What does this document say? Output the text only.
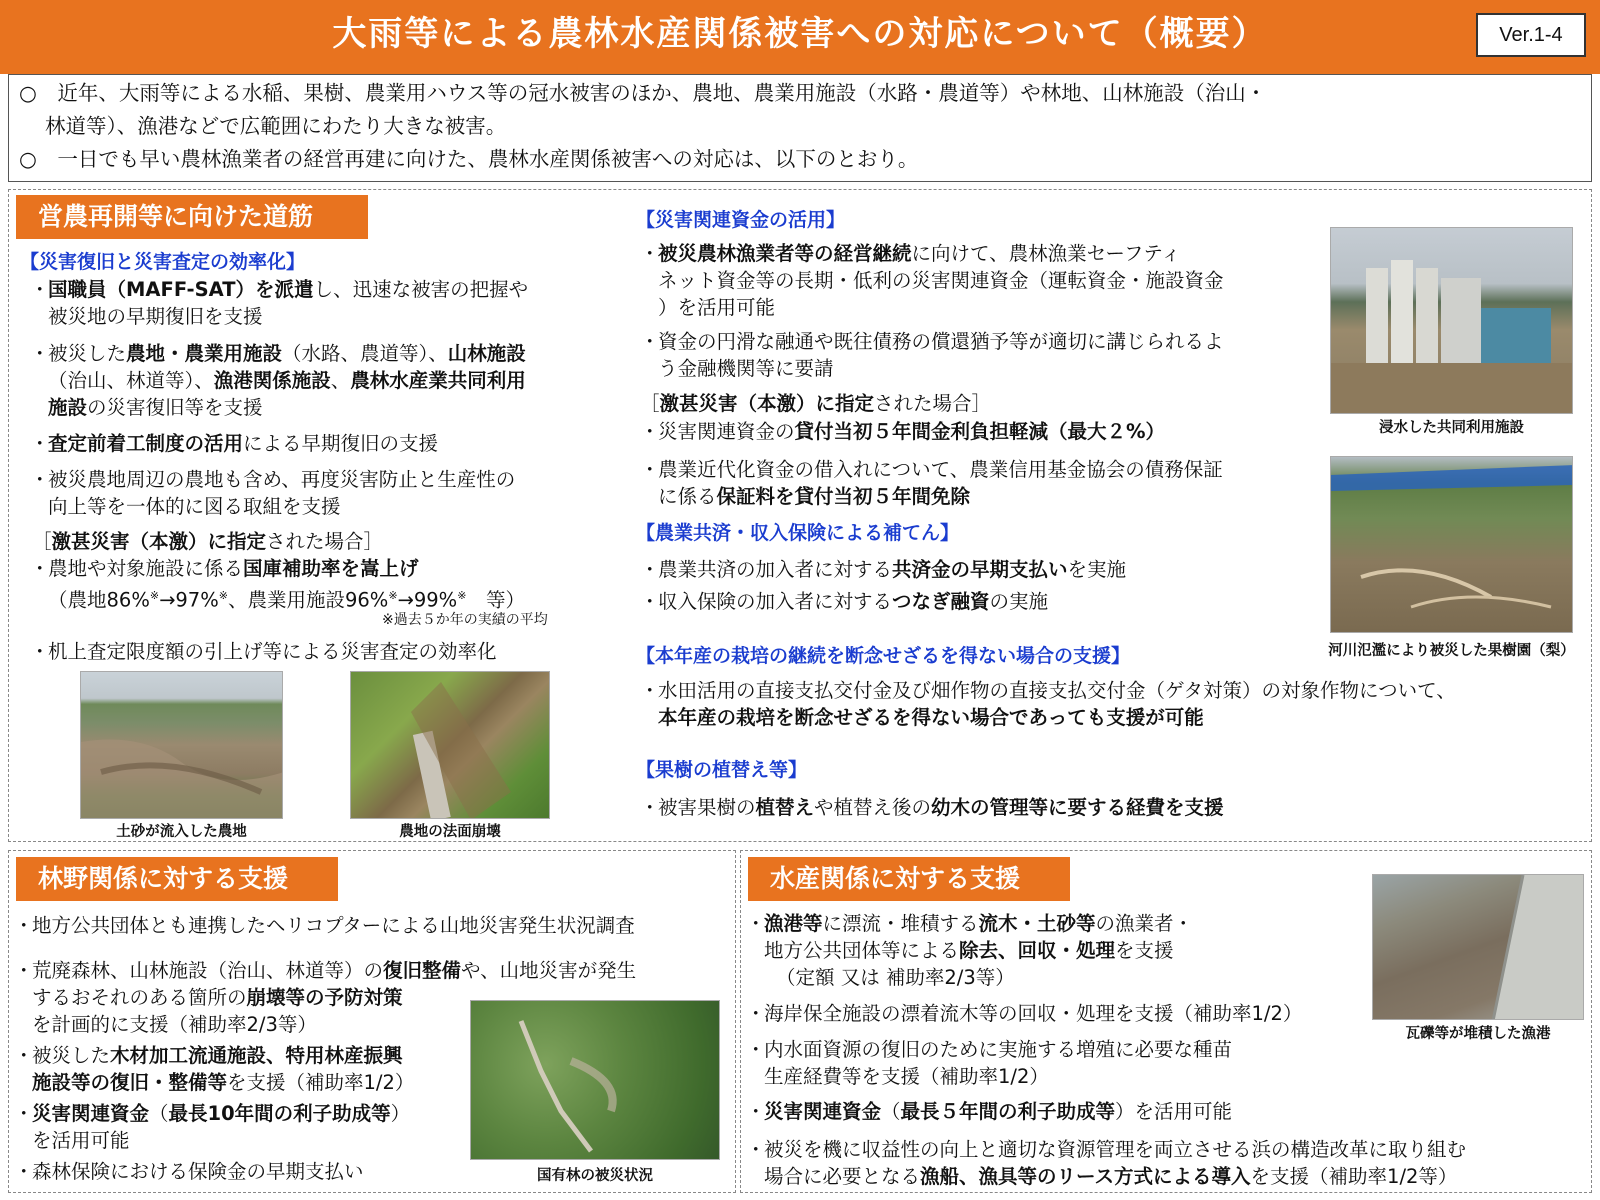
大雨等による農林水産関係被害への対応について（概要）	Ver.1-4

○　近年、大雨等による水稲、果樹、農業用ハウス等の冠水被害のほか、農地、農業用施設（水路・農道等）や林地、山林施設（治山・

林道等）、漁港などで広範囲にわたり大きな被害。

○　一日でも早い農林漁業者の経営再建に向けた、農林水産関係被害への対応は、以下のとおり。

営農再開等に向けた道筋
【災害復旧と災害査定の効率化】
・国職員（MAFF-SAT）を派遣し、迅速な被害の把握や
被災地の早期復旧を支援
・被災した農地・農業用施設（水路、農道等）、山林施設
（治山、林道等）、漁港関係施設、農林水産業共同利用
施設の災害復旧等を支援
・査定前着工制度の活用による早期復旧の支援
・被災農地周辺の農地も含め、再度災害防止と生産性の
向上等を一体的に図る取組を支援
［激甚災害（本激）に指定された場合］
・農地や対象施設に係る国庫補助率を嵩上げ
（農地86%※→97%※、農業用施設96%※→99%※　等）
※過去５か年の実績の平均
・机上査定限度額の引上げ等による災害査定の効率化
土砂が流入した農地	農地の法面崩壊
【災害関連資金の活用】
・被災農林漁業者等の経営継続に向けて、農林漁業セーフティ
ネット資金等の長期・低利の災害関連資金（運転資金・施設資金
）を活用可能
・資金の円滑な融通や既往債務の償還猶予等が適切に講じられるよ
う金融機関等に要請
［激甚災害（本激）に指定された場合］
・災害関連資金の貸付当初５年間金利負担軽減（最大２%）
・農業近代化資金の借入れについて、農業信用基金協会の債務保証
に係る保証料を貸付当初５年間免除
【農業共済・収入保険による補てん】
・農業共済の加入者に対する共済金の早期支払いを実施
・収入保険の加入者に対するつなぎ融資の実施
【本年産の栽培の継続を断念せざるを得ない場合の支援】
・水田活用の直接支払交付金及び畑作物の直接支払交付金（ゲタ対策）の対象作物について、
本年産の栽培を断念せざるを得ない場合であっても支援が可能
【果樹の植替え等】
・被害果樹の植替えや植替え後の幼木の管理等に要する経費を支援
浸水した共同利用施設
河川氾濫により被災した果樹園（梨）
林野関係に対する支援
・地方公共団体とも連携したヘリコプターによる山地災害発生状況調査
・荒廃森林、山林施設（治山、林道等）の復旧整備や、山地災害が発生
するおそれのある箇所の崩壊等の予防対策
を計画的に支援（補助率2/3等）
・被災した木材加工流通施設、特用林産振興
施設等の復旧・整備等を支援（補助率1/2）
・災害関連資金（最長10年間の利子助成等）
を活用可能
・森林保険における保険金の早期支払い	国有林の被災状況
水産関係に対する支援
・漁港等に漂流・堆積する流木・土砂等の漁業者・
地方公共団体等による除去、回収・処理を支援
（定額 又は 補助率2/3等）
・海岸保全施設の漂着流木等の回収・処理を支援（補助率1/2）
・内水面資源の復旧のために実施する増殖に必要な種苗
生産経費等を支援（補助率1/2）
・災害関連資金（最長５年間の利子助成等）を活用可能
・被災を機に収益性の向上と適切な資源管理を両立させる浜の構造改革に取り組む
場合に必要となる漁船、漁具等のリース方式による導入を支援（補助率1/2等）
瓦礫等が堆積した漁港
